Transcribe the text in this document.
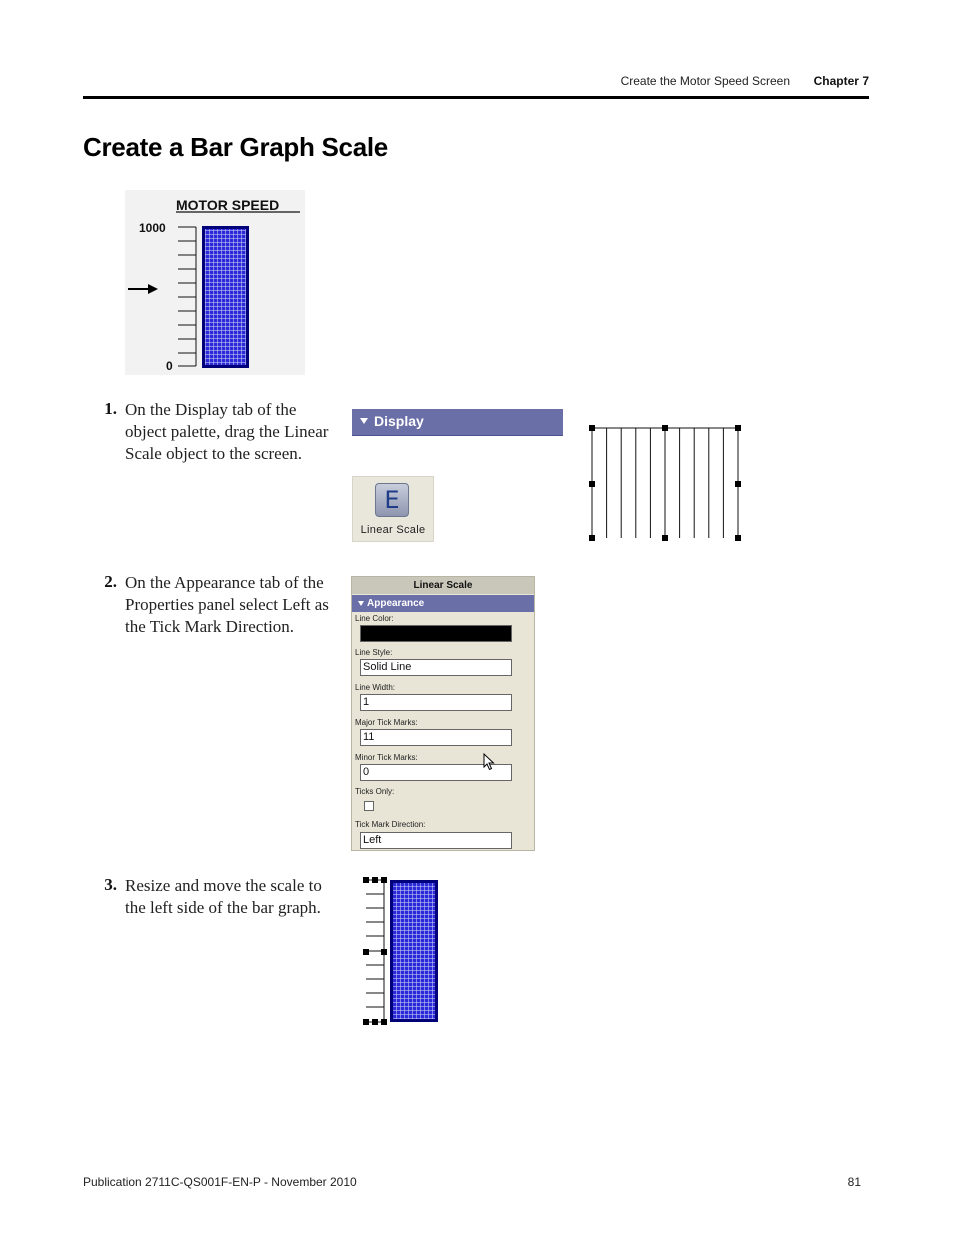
Create the Motor Speed Screen Chapter 7
Create a Bar Graph Scale
MOTOR SPEED
1000
0
1. On the Display tab of the object palette, drag the Linear Scale object to the screen.
Display
E
Linear Scale
2. On the Appearance tab of the Properties panel select Left as the Tick Mark Direction.
Linear Scale
Appearance
Line Color:
Line Style:
Solid Line
Line Width:
1
Major Tick Marks:
11
Minor Tick Marks:
0
Ticks Only:
Tick Mark Direction:
Left
3. Resize and move the scale to the left side of the bar graph.
Publication 2711C-QS001F-EN-P - November 2010	81
